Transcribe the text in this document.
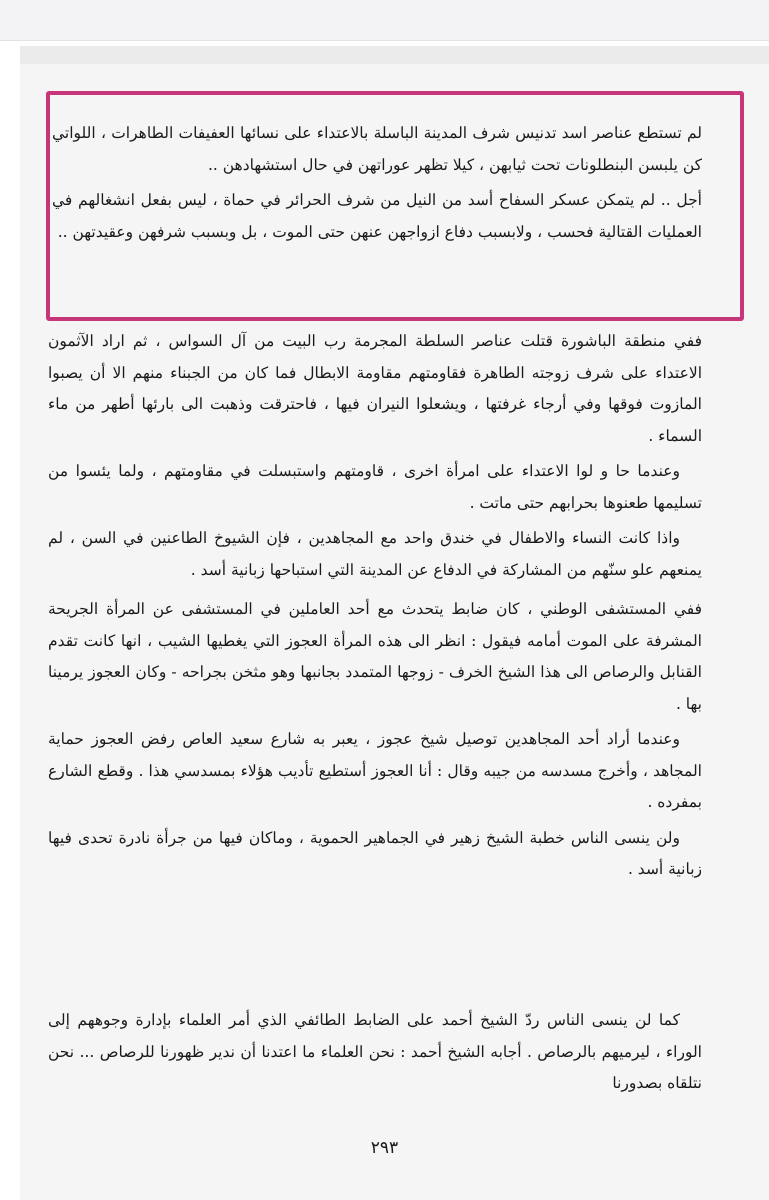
لم تستطع عناصر اسد تدنيس شرف المدينة الباسلة بالاعتداء على نسائها العفيفات الطاهرات ، اللواتي كن يلبسن البنطلونات تحت ثيابهن ، كيلا تظهر عوراتهن في حال استشهادهن ..

أجل .. لم يتمكن عسكر السفاح أسد من النيل من شرف الحرائر في حماة ، ليس بفعل انشغالهم في العمليات القتالية فحسب ، ولابسبب دفاع ازواجهن عنهن حتى الموت ، بل وبسبب شرفهن وعقيدتهن ..

ففي منطقة الباشورة قتلت عناصر السلطة المجرمة رب البيت من آل السواس ، ثم اراد الآثمون الاعتداء على شرف زوجته الطاهرة فقاومتهم مقاومة الابطال فما كان من الجبناء منهم الا أن يصبوا المازوت فوقها وفي أرجاء غرفتها ، ويشعلوا النيران فيها ، فاحترقت وذهبت الى بارئها أطهر من ماء السماء .

وعندما حا و لوا الاعتداء على امرأة اخرى ، قاومتهم واستبسلت في مقاومتهم ، ولما يئسوا من تسليمها طعنوها بحرابهم حتى ماتت .

واذا كانت النساء والاطفال في خندق واحد مع المجاهدين ، فإن الشيوخ الطاعنين في السن ، لم يمنعهم علو سنّهم من المشاركة في الدفاع عن المدينة التي استباحها زبانية أسد .

ففي المستشفى الوطني ، كان ضابط يتحدث مع أحد العاملين في المستشفى عن المرأة الجريحة المشرفة على الموت أمامه فيقول : انظر الى هذه المرأة العجوز التي يغطيها الشيب ، انها كانت تقدم القنابل والرصاص الى هذا الشيخ الخرف - زوجها المتمدد بجانبها وهو مثخن بجراحه - وكان العجوز يرمينا بها .

وعندما أراد أحد المجاهدين توصيل شيخ عجوز ، يعبر به شارع سعيد العاص رفض العجوز حماية المجاهد ، وأخرج مسدسه من جيبه وقال : أنا العجوز أستطيع تأديب هؤلاء بمسدسي هذا . وقطع الشارع بمفرده .

ولن ينسى الناس خطبة الشيخ زهير في الجماهير الحموية ، وماكان فيها من جرأة نادرة تحدى فيها زبانية أسد .

كما لن ينسى الناس ردّ الشيخ أحمد على الضابط الطائفي الذي أمر العلماء بإدارة وجوههم إلى الوراء ، ليرميهم بالرصاص . أجابه الشيخ أحمد : نحن العلماء ما اعتدنا أن ندير ظهورنا للرصاص ... نحن نتلقاه بصدورنا

٢٩٣
